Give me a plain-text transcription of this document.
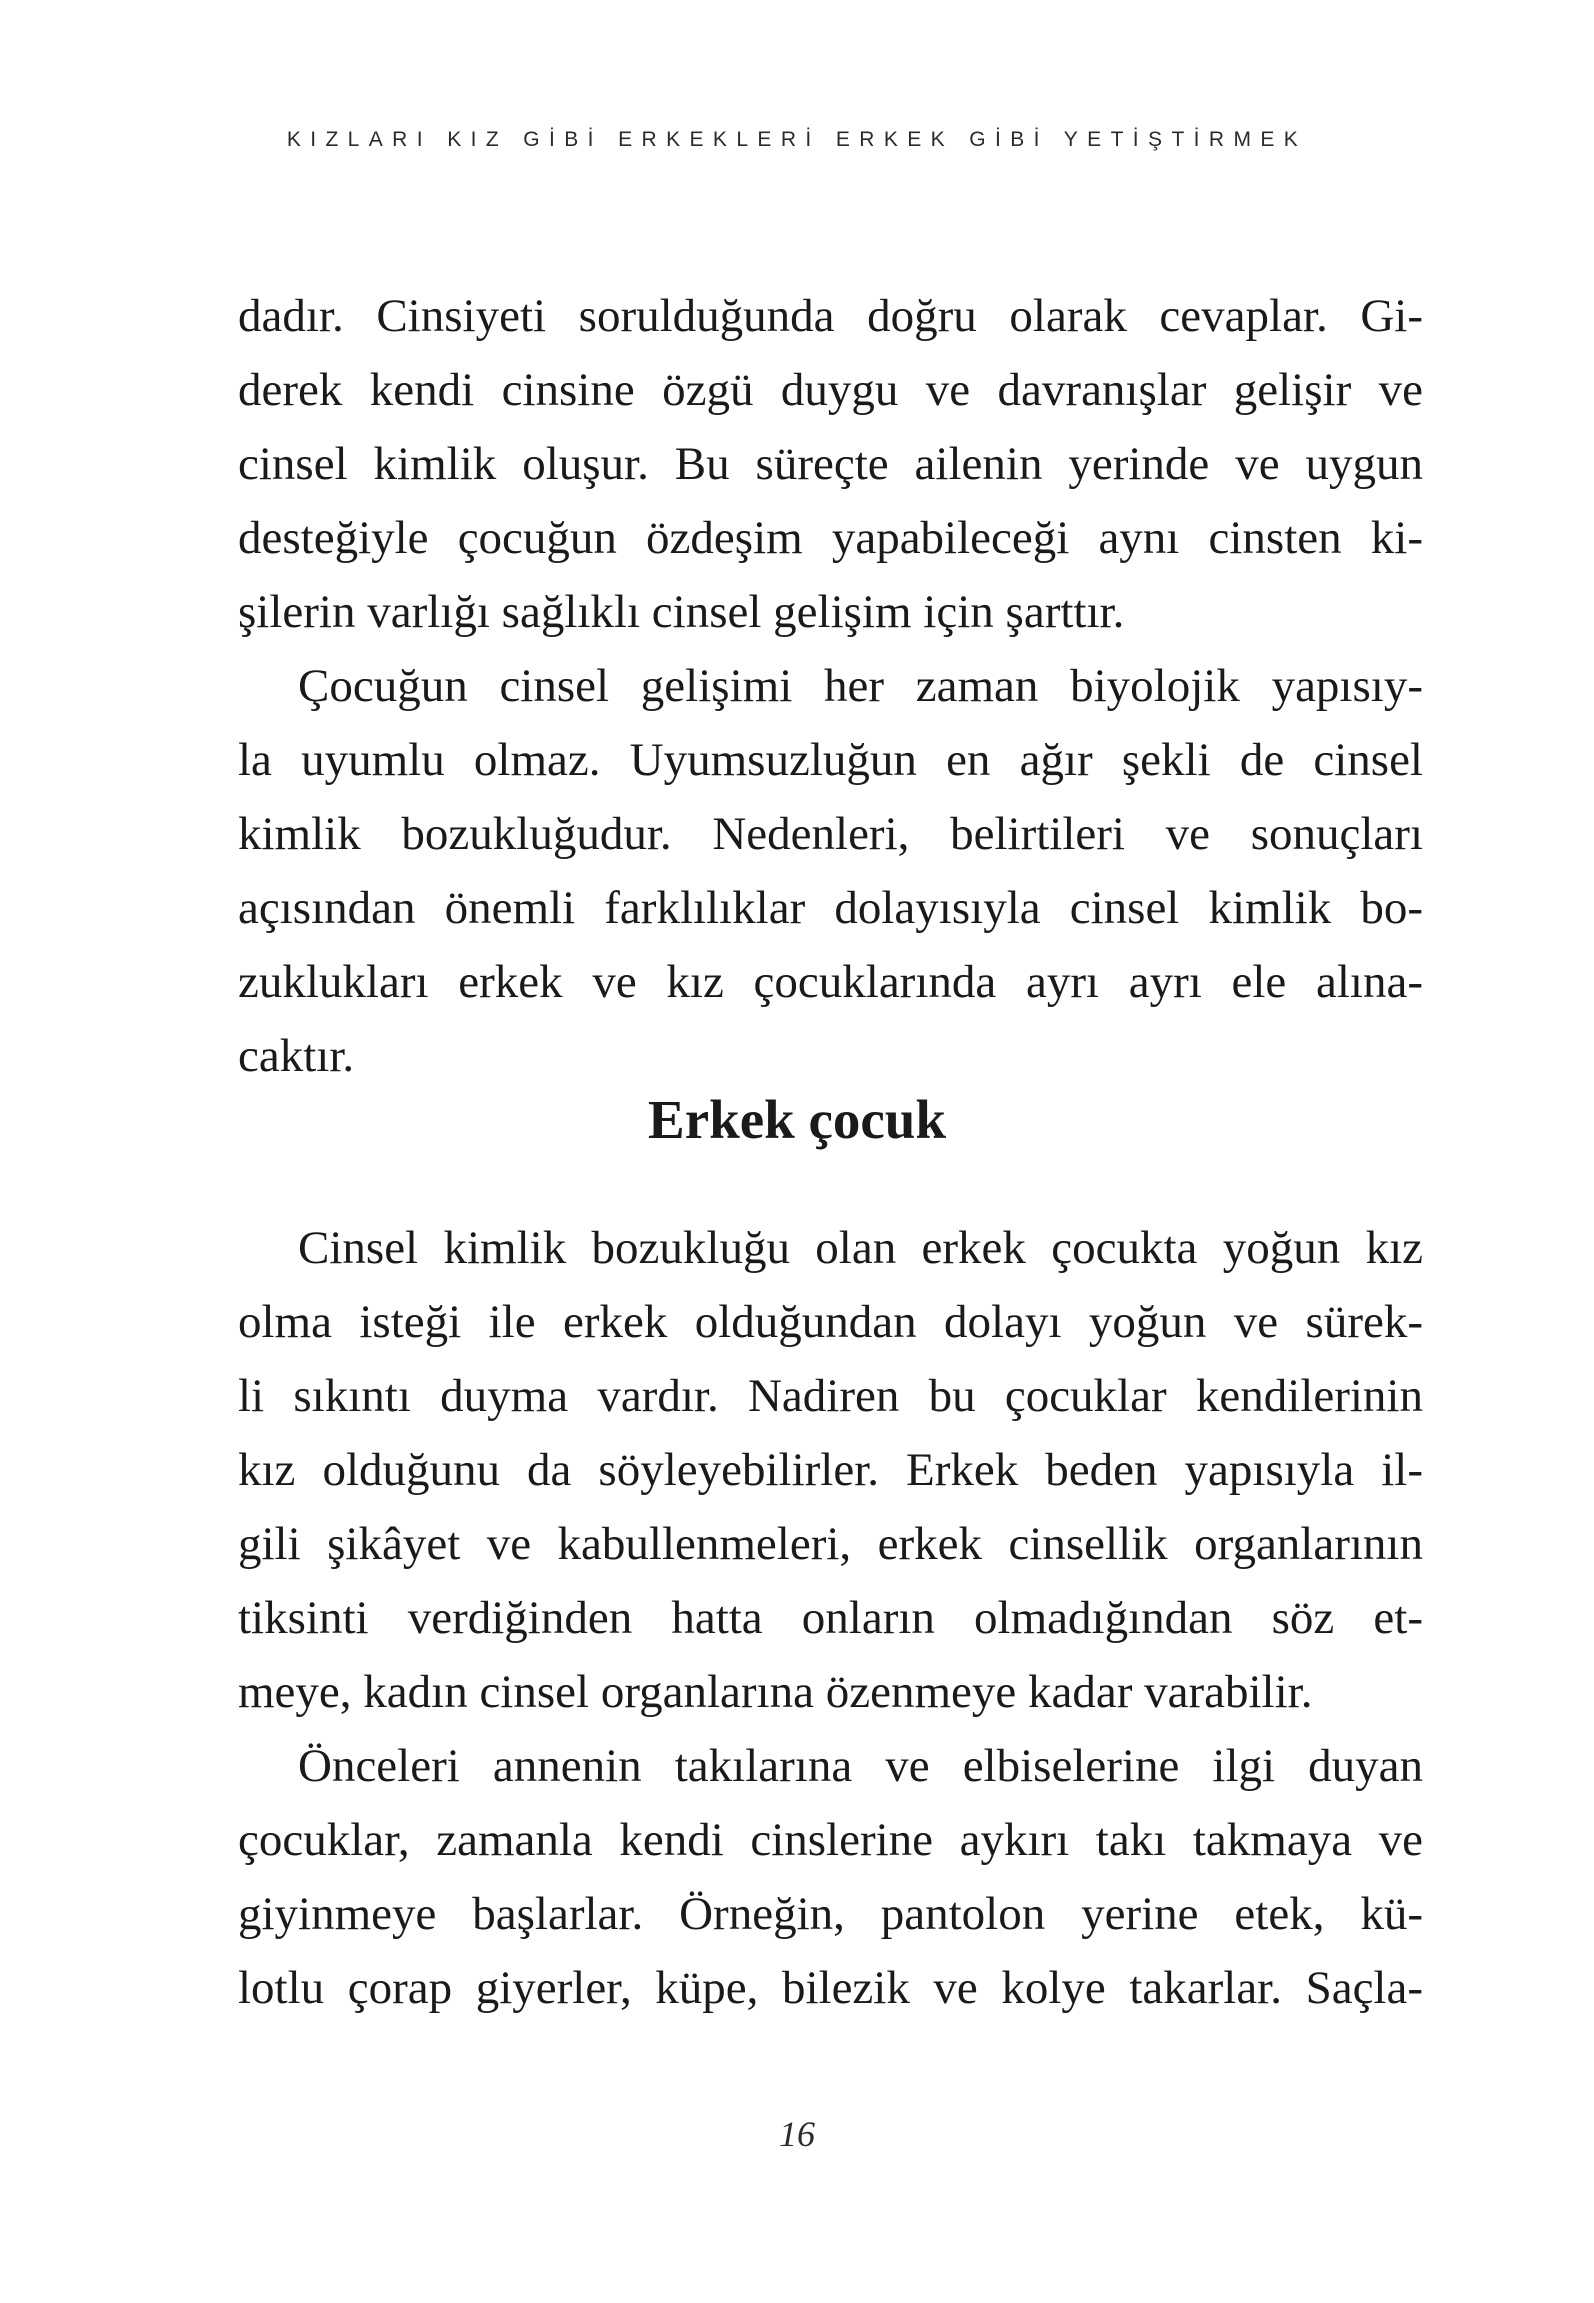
KIZLARI KIZ GİBİ ERKEKLERİ ERKEK GİBİ YETİŞTİRMEK
dadır. Cinsiyeti sorulduğunda doğru olarak cevaplar. Gi-
derek kendi cinsine özgü duygu ve davranışlar gelişir ve
cinsel kimlik oluşur. Bu süreçte ailenin yerinde ve uygun
desteğiyle çocuğun özdeşim yapabileceği aynı cinsten ki-
şilerin varlığı sağlıklı cinsel gelişim için şarttır.
Çocuğun cinsel gelişimi her zaman biyolojik yapısıy-
la uyumlu olmaz. Uyumsuzluğun en ağır şekli de cinsel
kimlik bozukluğudur. Nedenleri, belirtileri ve sonuçları
açısından önemli farklılıklar dolayısıyla cinsel kimlik bo-
zuklukları erkek ve kız çocuklarında ayrı ayrı ele alına-
caktır.
Erkek çocuk
Cinsel kimlik bozukluğu olan erkek çocukta yoğun kız
olma isteği ile erkek olduğundan dolayı yoğun ve sürek-
li sıkıntı duyma vardır. Nadiren bu çocuklar kendilerinin
kız olduğunu da söyleyebilirler. Erkek beden yapısıyla il-
gili şikâyet ve kabullenmeleri, erkek cinsellik organlarının
tiksinti verdiğinden hatta onların olmadığından söz et-
meye, kadın cinsel organlarına özenmeye kadar varabilir.
Önceleri annenin takılarına ve elbiselerine ilgi duyan
çocuklar, zamanla kendi cinslerine aykırı takı takmaya ve
giyinmeye başlarlar. Örneğin, pantolon yerine etek, kü-
lotlu çorap giyerler, küpe, bilezik ve kolye takarlar. Saçla-
16
